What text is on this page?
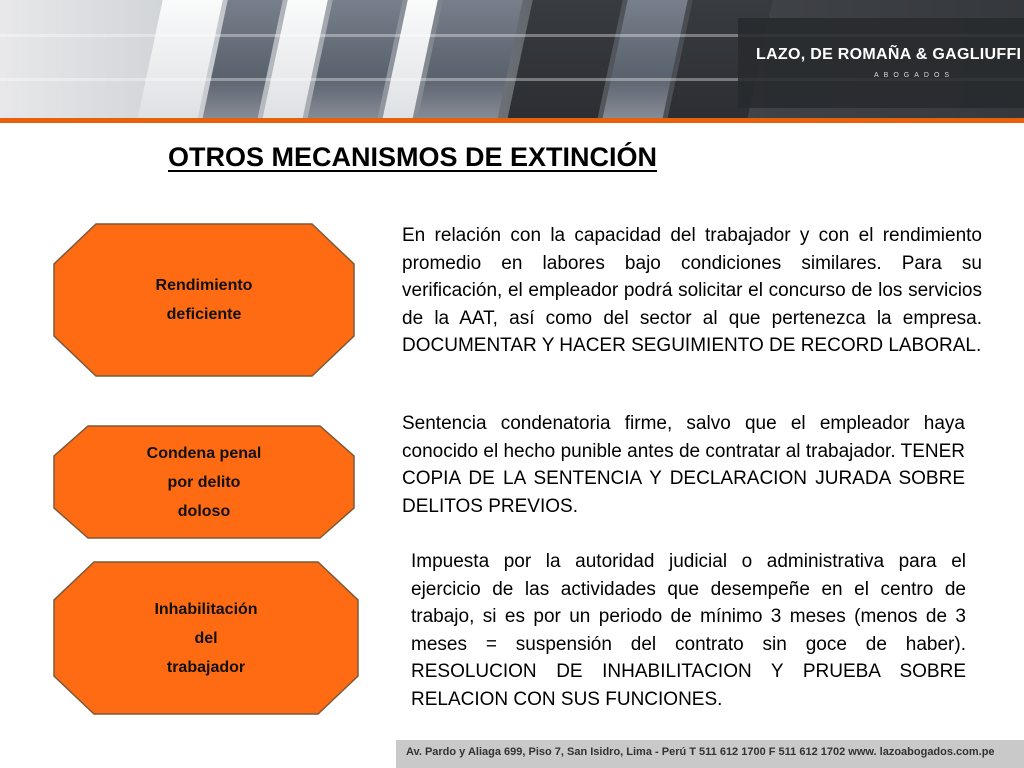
LAZO, DE ROMAÑA & GAGLIUFFI
ABOGADOS
OTROS MECANISMOS DE EXTINCIÓN
Rendimiento
deficiente
En relación con la capacidad del trabajador y con el rendimiento promedio en labores bajo condiciones similares. Para su verificación, el empleador podrá solicitar el concurso de los servicios de la AAT, así como del sector al que pertenezca la empresa. DOCUMENTAR Y HACER SEGUIMIENTO DE RECORD LABORAL.
Condena penal
por delito
doloso
Sentencia condenatoria firme, salvo que el empleador haya conocido el hecho punible antes de contratar al trabajador. TENER COPIA DE LA SENTENCIA Y DECLARACION JURADA SOBRE DELITOS PREVIOS.
Inhabilitación
del
trabajador
Impuesta por la autoridad judicial o administrativa para el ejercicio de las actividades que desempeñe en el centro de trabajo, si es por un periodo de mínimo 3 meses (menos de 3 meses = suspensión del contrato sin goce de haber). RESOLUCION DE INHABILITACION Y PRUEBA SOBRE RELACION CON SUS FUNCIONES.
Av. Pardo y Aliaga 699, Piso 7, San Isidro, Lima - Perú T 511 612 1700 F 511 612 1702 www. lazoabogados.com.pe
